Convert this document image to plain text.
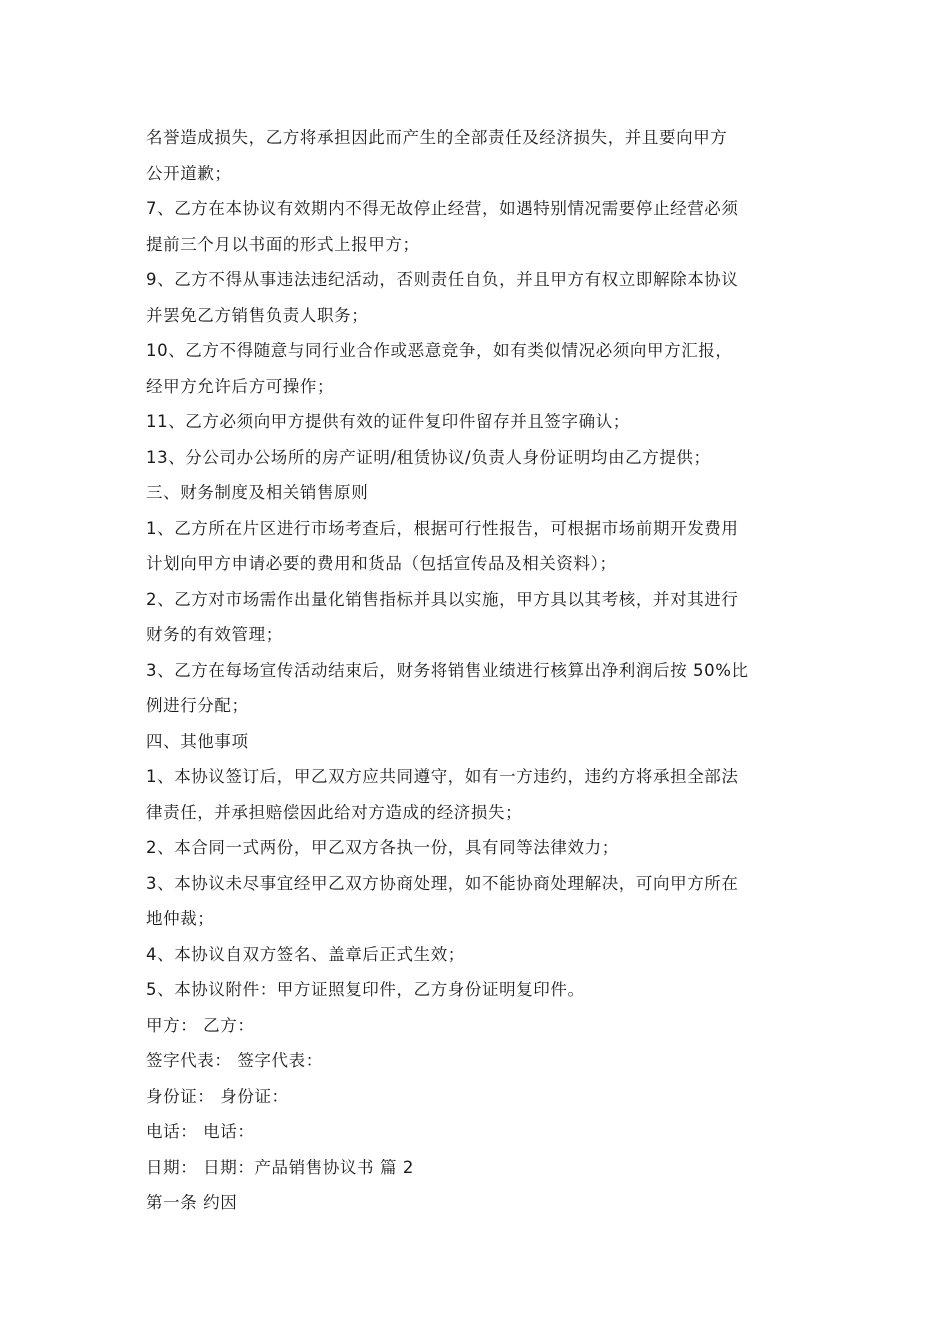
名誉造成损失，乙方将承担因此而产生的全部责任及经济损失，并且要向甲方
公开道歉；
7、乙方在本协议有效期内不得无故停止经营，如遇特别情况需要停止经营必须
提前三个月以书面的形式上报甲方；
9、乙方不得从事违法违纪活动，否则责任自负，并且甲方有权立即解除本协议
并罢免乙方销售负责人职务；
10、乙方不得随意与同行业合作或恶意竞争，如有类似情况必须向甲方汇报，
经甲方允许后方可操作；
11、乙方必须向甲方提供有效的证件复印件留存并且签字确认；
13、分公司办公场所的房产证明/租赁协议/负责人身份证明均由乙方提供；
三、财务制度及相关销售原则
1、乙方所在片区进行市场考查后，根据可行性报告，可根据市场前期开发费用
计划向甲方申请必要的费用和货品（包括宣传品及相关资料）；
2、乙方对市场需作出量化销售指标并具以实施，甲方具以其考核，并对其进行
财务的有效管理；
3、乙方在每场宣传活动结束后，财务将销售业绩进行核算出净利润后按 50%比
例进行分配；
四、其他事项
1、本协议签订后，甲乙双方应共同遵守，如有一方违约，违约方将承担全部法
律责任，并承担赔偿因此给对方造成的经济损失；
2、本合同一式两份，甲乙双方各执一份，具有同等法律效力；
3、本协议未尽事宜经甲乙双方协商处理，如不能协商处理解决，可向甲方所在
地仲裁；
4、本协议自双方签名、盖章后正式生效；
5、本协议附件：甲方证照复印件，乙方身份证明复印件。
甲方： 乙方：
签字代表： 签字代表：
身份证： 身份证：
电话： 电话：
日期： 日期：产品销售协议书 篇 2
第一条 约因
